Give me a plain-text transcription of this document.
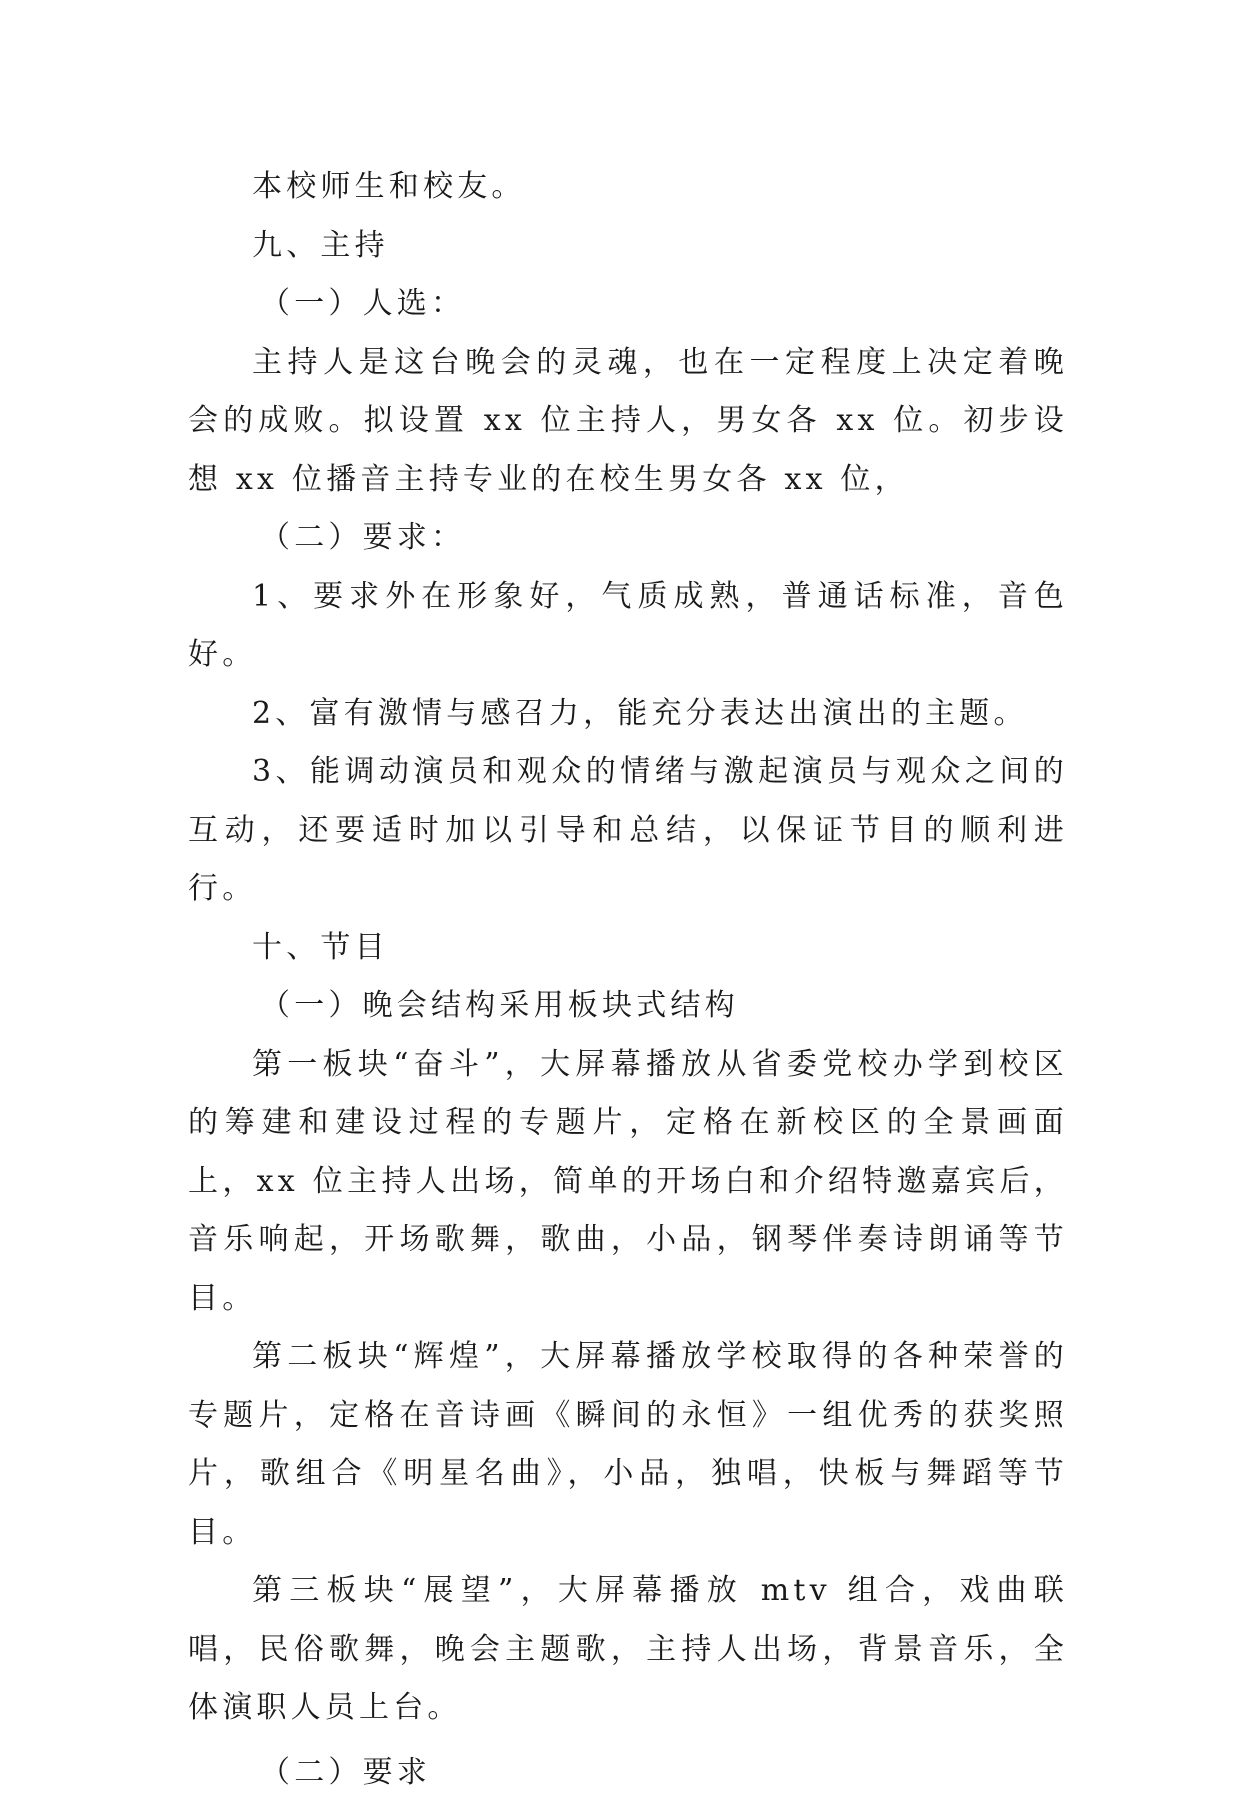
本校师生和校友。

九、主持

（一）人选：

主持人是这台晚会的灵魂，也在一定程度上决定着晚会的成败。拟设置 xx 位主持人，男女各 xx 位。初步设想 xx 位播音主持专业的在校生男女各 xx 位，

（二）要求：

1、要求外在形象好，气质成熟，普通话标准，音色好。

2、富有激情与感召力，能充分表达出演出的主题。

3、能调动演员和观众的情绪与激起演员与观众之间的互动，还要适时加以引导和总结，以保证节目的顺利进行。

十、节目

（一）晚会结构采用板块式结构

第一板块“奋斗”，大屏幕播放从省委党校办学到校区的筹建和建设过程的专题片，定格在新校区的全景画面上，xx 位主持人出场，简单的开场白和介绍特邀嘉宾后，音乐响起，开场歌舞，歌曲，小品，钢琴伴奏诗朗诵等节目。

第二板块“辉煌”，大屏幕播放学校取得的各种荣誉的专题片，定格在音诗画《瞬间的永恒》一组优秀的获奖照片，歌组合《明星名曲》，小品，独唱，快板与舞蹈等节目。

第三板块“展望”，大屏幕播放 mtv 组合，戏曲联唱，民俗歌舞，晚会主题歌，主持人出场，背景音乐，全体演职人员上台。

（二）要求
